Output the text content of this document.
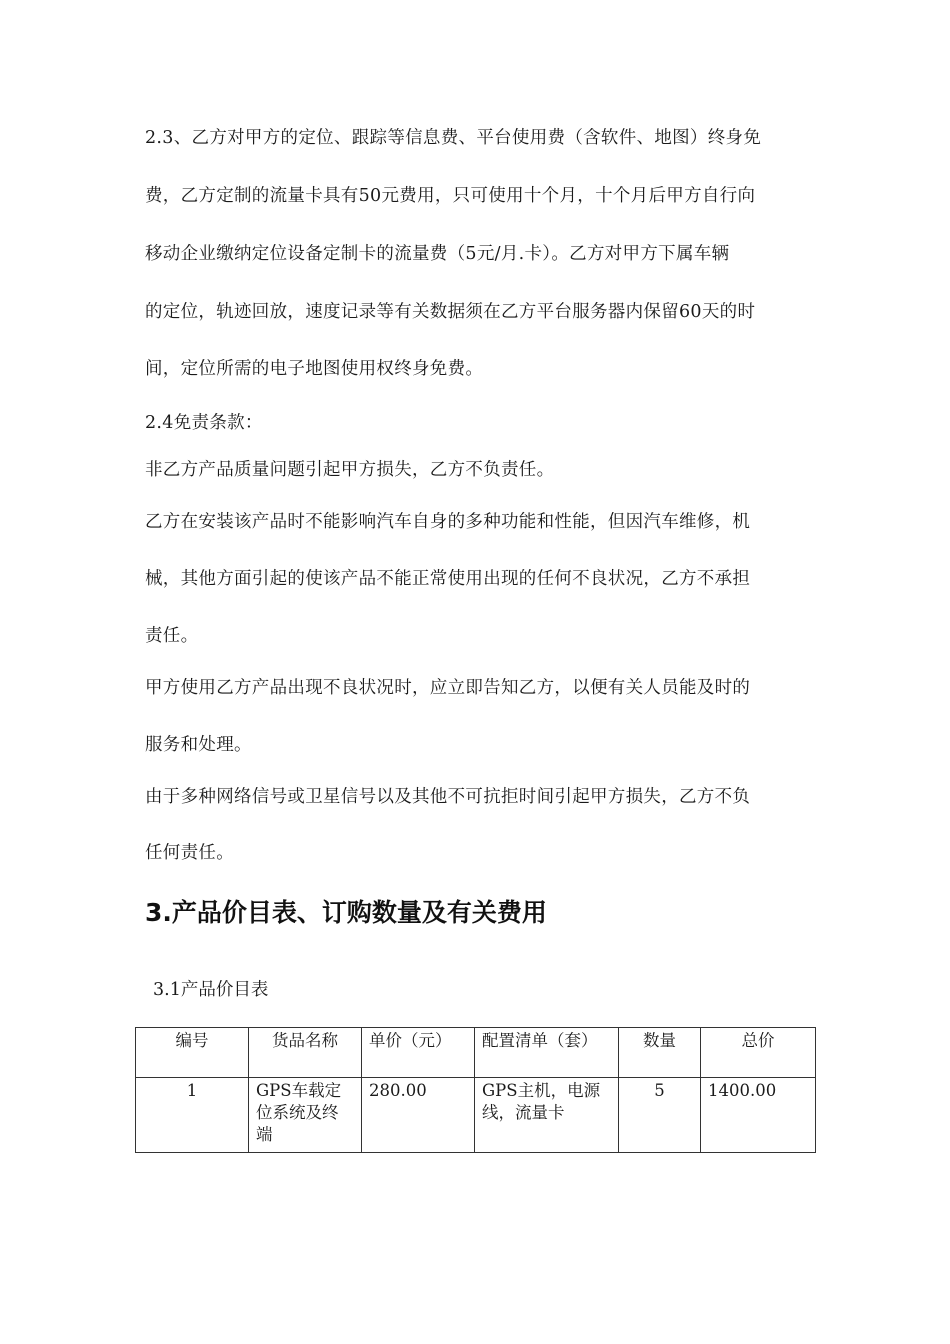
2.3、乙方对甲方的定位、跟踪等信息费、平台使用费（含软件、地图）终身免
费，乙方定制的流量卡具有50元费用，只可使用十个月，十个月后甲方自行向
移动企业缴纳定位设备定制卡的流量费（5元/月.卡）。乙方对甲方下属车辆
的定位，轨迹回放，速度记录等有关数据须在乙方平台服务器内保留60天的时
间，定位所需的电子地图使用权终身免费。
2.4免责条款：
非乙方产品质量问题引起甲方损失，乙方不负责任。
乙方在安装该产品时不能影响汽车自身的多种功能和性能，但因汽车维修，机
械，其他方面引起的使该产品不能正常使用出现的任何不良状况，乙方不承担
责任。
甲方使用乙方产品出现不良状况时，应立即告知乙方，以便有关人员能及时的
服务和处理。
由于多种网络信号或卫星信号以及其他不可抗拒时间引起甲方损失，乙方不负
任何责任。
3.产品价目表、订购数量及有关费用
3.1产品价目表
编号	货品名称	单价（元）	配置清单（套）	数量	总价
1	GPS车载定位系统及终端	280.00	GPS主机，电源线，流量卡	5	1400.00
